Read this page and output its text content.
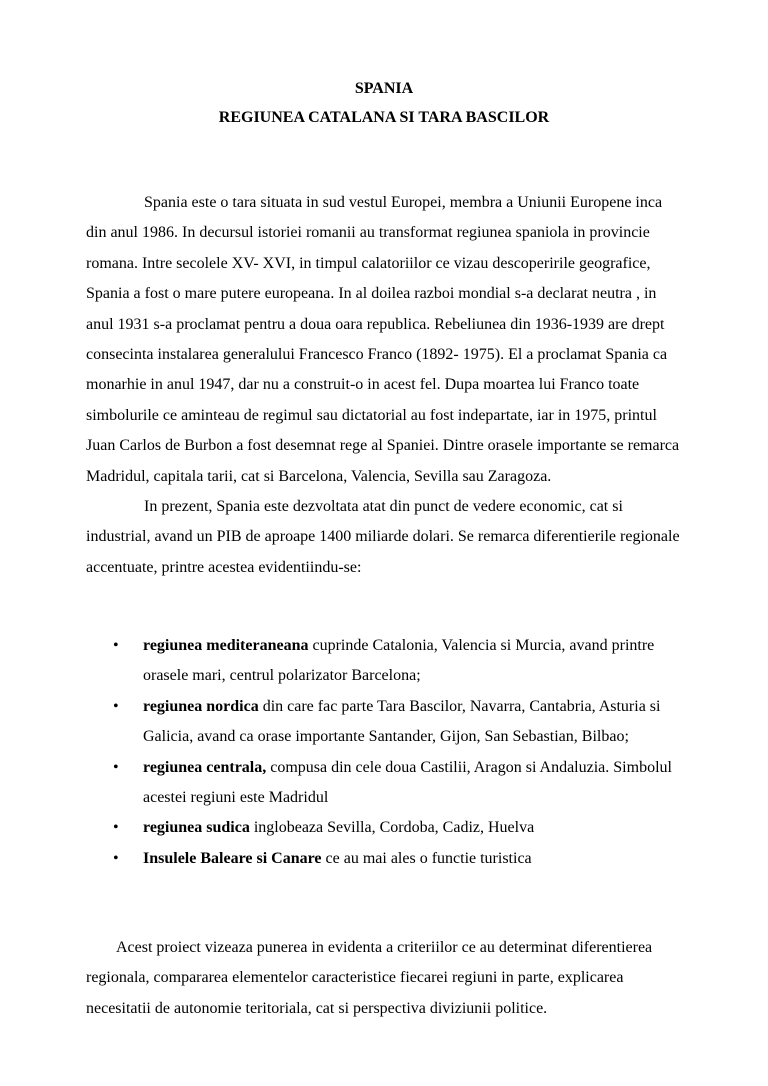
SPANIA
REGIUNEA CATALANA SI TARA BASCILOR

Spania este o tara situata in sud vestul Europei, membra a Uniunii Europene inca din anul 1986. In decursul istoriei romanii au transformat regiunea spaniola in provincie romana. Intre secolele XV- XVI, in timpul calatoriilor ce vizau descoperirile geografice, Spania a fost o mare putere europeana. In al doilea razboi mondial s-a declarat neutra , in anul 1931 s-a proclamat pentru a doua oara republica. Rebeliunea din 1936-1939 are drept consecinta instalarea generalului Francesco Franco (1892- 1975). El a proclamat Spania ca monarhie in anul 1947, dar nu a construit-o in acest fel. Dupa moartea lui Franco toate simbolurile ce aminteau de regimul sau dictatorial au fost indepartate, iar in 1975, printul Juan Carlos de Burbon a fost desemnat rege al Spaniei. Dintre orasele importante se remarca Madridul, capitala tarii, cat si Barcelona, Valencia, Sevilla sau Zaragoza.

In prezent, Spania este dezvoltata atat din punct de vedere economic, cat si industrial, avand un PIB de aproape 1400 miliarde dolari. Se remarca diferentierile regionale accentuate, printre acestea evidentiindu-se:

• regiunea mediteraneana cuprinde Catalonia, Valencia si Murcia, avand printre orasele mari, centrul polarizator Barcelona;
• regiunea nordica din care fac parte Tara Bascilor, Navarra, Cantabria, Asturia si Galicia, avand ca orase importante Santander, Gijon, San Sebastian, Bilbao;
• regiunea centrala, compusa din cele doua Castilii, Aragon si Andaluzia. Simbolul acestei regiuni este Madridul
• regiunea sudica inglobeaza Sevilla, Cordoba, Cadiz, Huelva
• Insulele Baleare si Canare ce au mai ales o functie turistica

Acest proiect vizeaza punerea in evidenta a criteriilor ce au determinat diferentierea regionala, compararea elementelor caracteristice fiecarei regiuni in parte, explicarea necesitatii de autonomie teritoriala, cat si perspectiva diviziunii politice.
